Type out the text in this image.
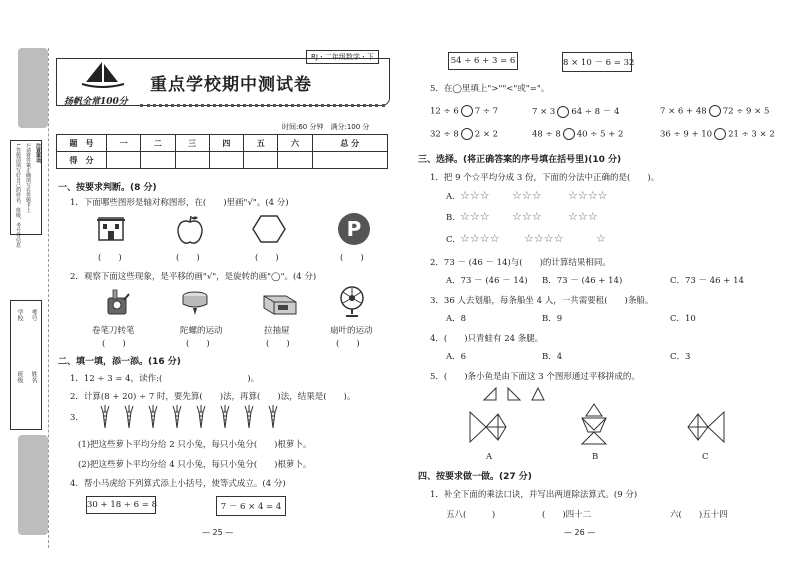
1.答题前填写好自己的姓名、班级、考号等信息 2.请将答案正确填写在答题卡上 注意事项
学校
班级
考号
姓名
RJ・二年级数学・下
扬帆全常100分
重点学校期中测试卷
时间:60 分钟　满分:100 分
题　号	一	二	三	四	五	六	总 分
得　分							
一、按要求判断。(8 分)
1．下面哪些图形是轴对称图形，在(　　)里画"√"。(4 分)
P
(　　)	(　　)	(　　)	(　　)
2．观察下面这些现象，是平移的画"√"，是旋转的画"◯"。(4 分)
卷笔刀转笔	陀螺的运动	拉抽屉	扇叶的运动
(　　)	(　　)	(　　)	(　　)
二、填一填，添一添。(16 分)
1．12 ÷ 3 = 4，读作:(　　　　　　　　　　)。
2．计算(8 + 20) ÷ 7 时，要先算(　　)法，再算(　　)法，结果是(　　)。
3．
(1)把这些萝卜平均分给 2 只小兔，每只小兔分(　　)根萝卜。
(2)把这些萝卜平均分给 4 只小兔，每只小兔分(　　)根萝卜。
4．帮小马虎给下列算式添上小括号，使等式成立。(4 分)
30 + 18 ÷ 6 = 8	7 － 6 × 4 = 4
— 25 —
54 ÷ 6 + 3 = 6	8 × 10 － 6 = 32
5．在◯里填上">""<"或"="。
12 ÷ 6 7 ÷ 7	7 × 3 64 ÷ 8 － 4	7 × 6 + 48 72 ÷ 9 × 5
32 ÷ 8 2 × 2	48 ÷ 8 40 ÷ 5 + 2	36 ÷ 9 + 10 21 ÷ 3 × 2
三、选择。(将正确答案的序号填在括号里)(10 分)
1．把 9 个☆平均分成 3 份，下面的分法中正确的是(　　)。
A. ☆☆☆ ☆☆☆ ☆☆☆☆
B. ☆☆☆ ☆☆☆ ☆☆☆
C. ☆☆☆☆ ☆☆☆☆	☆
2．73 － (46 － 14)与(　　)的计算结果相同。
A．73 － (46 － 14) B．73 － (46 + 14)	C．73 － 46 + 14
3．36 人去划船，每条船坐 4 人，一共需要租(　　)条船。
A．8	B．9	C．10
4．(　　)只青蛙有 24 条腿。
A．6	B．4	C．3
5．(　　)条小鱼是由下面这 3 个图形通过平移拼成的。
A	B	C
四、按要求做一做。(27 分)
1．补全下面的乘法口诀，并写出两道除法算式。(9 分)
五八(　　　)	(　　)四十二	六(　　)五十四
— 26 —
